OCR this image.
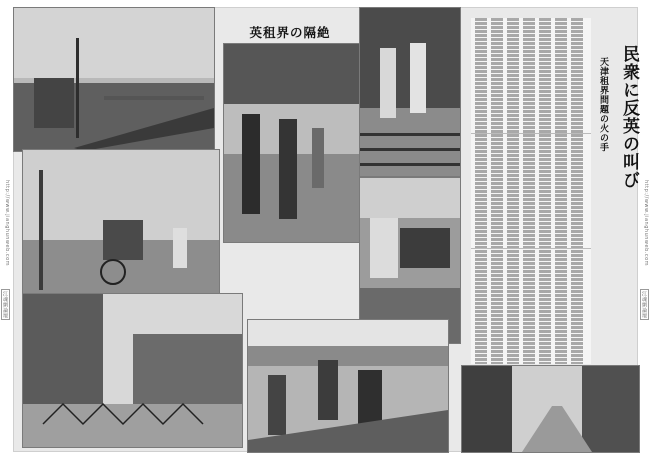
英租界の隔絶
民衆に反英の叫び
天津租界問題の火の手
http://www.jianghunweb.com
江魂網論壇
http://www.jianghunweb.com
江魂網論壇
